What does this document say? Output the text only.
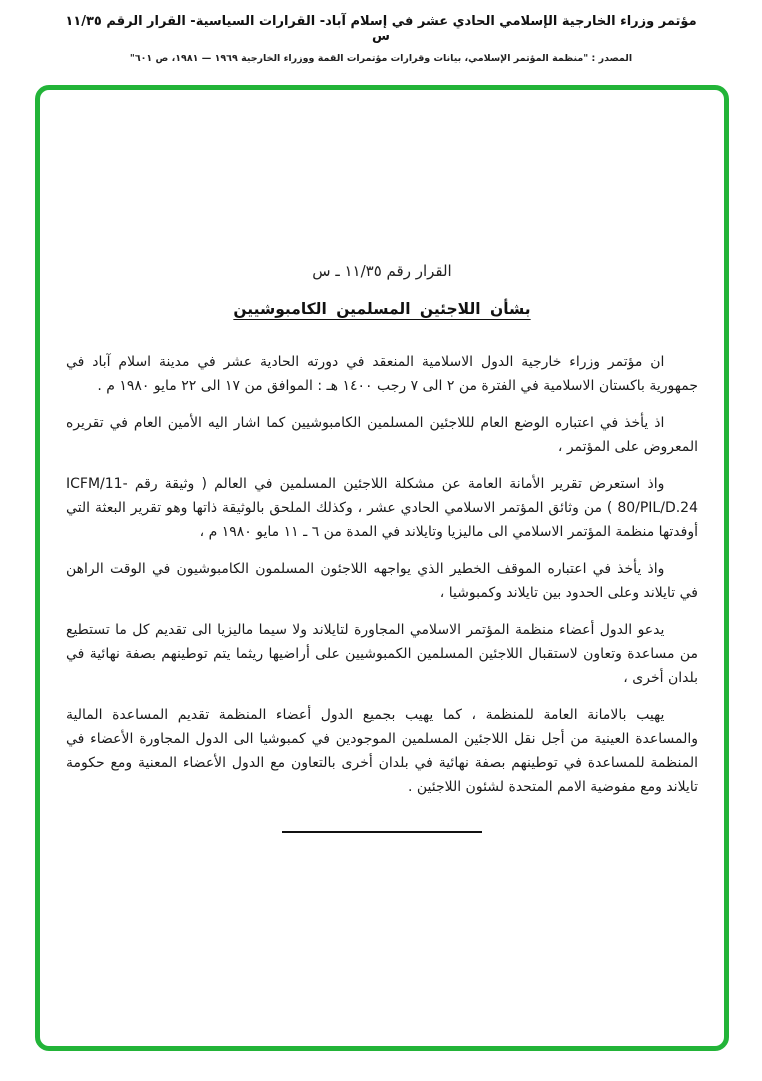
مؤتمر وزراء الخارجية الإسلامي الحادي عشر في إسلام آباد- القرارات السياسية- القرار الرقم ١١/٣٥ س
المصدر : "منظمة المؤتمر الإسلامي، بيانات وقرارات مؤتمرات القمة ووزراء الخارجية ١٩٦٩ — ١٩٨١، ص ٦٠١"
القرار رقم ١١/٣٥ ـ س
بشأن اللاجئين المسلمين الكامبوشيين

ان مؤتمر وزراء خارجية الدول الاسلامية المنعقد في دورته الحادية عشر في مدينة اسلام آباد في جمهورية باكستان الاسلامية في الفترة من ٢ الى ٧ رجب ١٤٠٠ هـ : الموافق من ١٧ الى ٢٢ مايو ١٩٨٠ م .

اذ يأخذ في اعتباره الوضع العام لللاجئين المسلمين الكامبوشيين كما اشار اليه الأمين العام في تقريره المعروض على المؤتمر ،

واذ استعرض تقرير الأمانة العامة عن مشكلة اللاجئين المسلمين في العالم ( وثيقة رقم ICFM/11-80/PIL/D.24 ) من وثائق المؤتمر الاسلامي الحادي عشر ، وكذلك الملحق بالوثيقة ذاتها وهو تقرير البعثة التي أوفدتها منظمة المؤتمر الاسلامي الى ماليزيا وتايلاند في المدة من ٦ ـ ١١ مايو ١٩٨٠ م ،

واذ يأخذ في اعتباره الموقف الخطير الذي يواجهه اللاجئون المسلمون الكامبوشيون في الوقت الراهن في تايلاند وعلى الحدود بين تايلاند وكمبوشيا ،

يدعو الدول أعضاء منظمة المؤتمر الاسلامي المجاورة لتايلاند ولا سيما ماليزيا الى تقديم كل ما تستطيع من مساعدة وتعاون لاستقبال اللاجئين المسلمين الكمبوشيين على أراضيها ريثما يتم توطينهم بصفة نهائية في بلدان أخرى ،

يهيب بالامانة العامة للمنظمة ، كما يهيب بجميع الدول أعضاء المنظمة تقديم المساعدة المالية والمساعدة العينية من أجل نقل اللاجئين المسلمين الموجودين في كمبوشيا الى الدول المجاورة الأعضاء في المنظمة للمساعدة في توطينهم بصفة نهائية في بلدان أخرى بالتعاون مع الدول الأعضاء المعنية ومع حكومة تايلاند ومع مفوضية الامم المتحدة لشئون اللاجئين .
